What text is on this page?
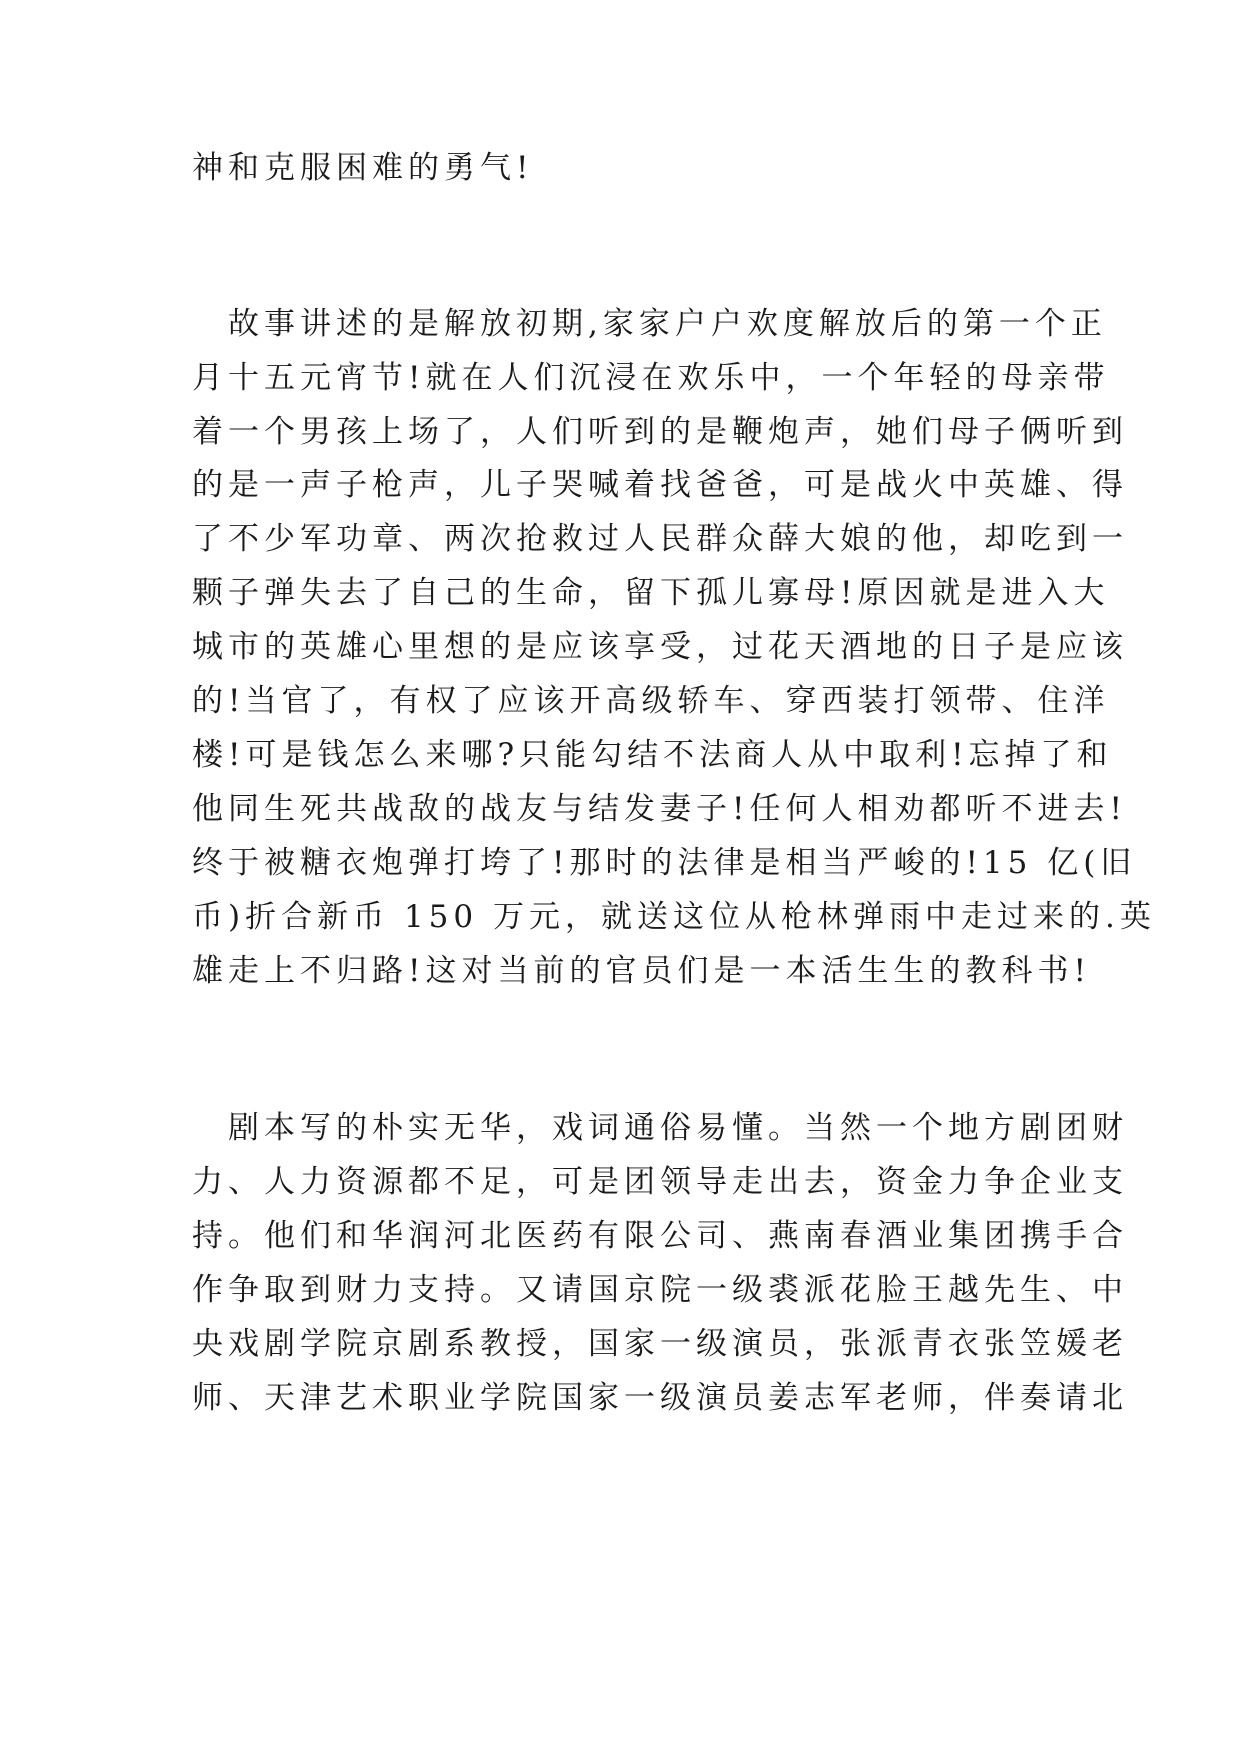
神和克服困难的勇气!
　故事讲述的是解放初期,家家户户欢度解放后的第一个正
月十五元宵节!就在人们沉浸在欢乐中，一个年轻的母亲带
着一个男孩上场了，人们听到的是鞭炮声，她们母子俩听到
的是一声子枪声，儿子哭喊着找爸爸，可是战火中英雄、得
了不少军功章、两次抢救过人民群众薛大娘的他，却吃到一
颗子弹失去了自己的生命，留下孤儿寡母!原因就是进入大
城市的英雄心里想的是应该享受，过花天酒地的日子是应该
的!当官了，有权了应该开高级轿车、穿西装打领带、住洋
楼!可是钱怎么来哪?只能勾结不法商人从中取利!忘掉了和
他同生死共战敌的战友与结发妻子!任何人相劝都听不进去!
终于被糖衣炮弹打垮了!那时的法律是相当严峻的!15 亿(旧
币)折合新币 150 万元，就送这位从枪林弹雨中走过来的.英
雄走上不归路!这对当前的官员们是一本活生生的教科书!
　剧本写的朴实无华，戏词通俗易懂。当然一个地方剧团财
力、人力资源都不足，可是团领导走出去，资金力争企业支
持。他们和华润河北医药有限公司、燕南春酒业集团携手合
作争取到财力支持。又请国京院一级裘派花脸王越先生、中
央戏剧学院京剧系教授，国家一级演员，张派青衣张笠媛老
师、天津艺术职业学院国家一级演员姜志军老师，伴奏请北
